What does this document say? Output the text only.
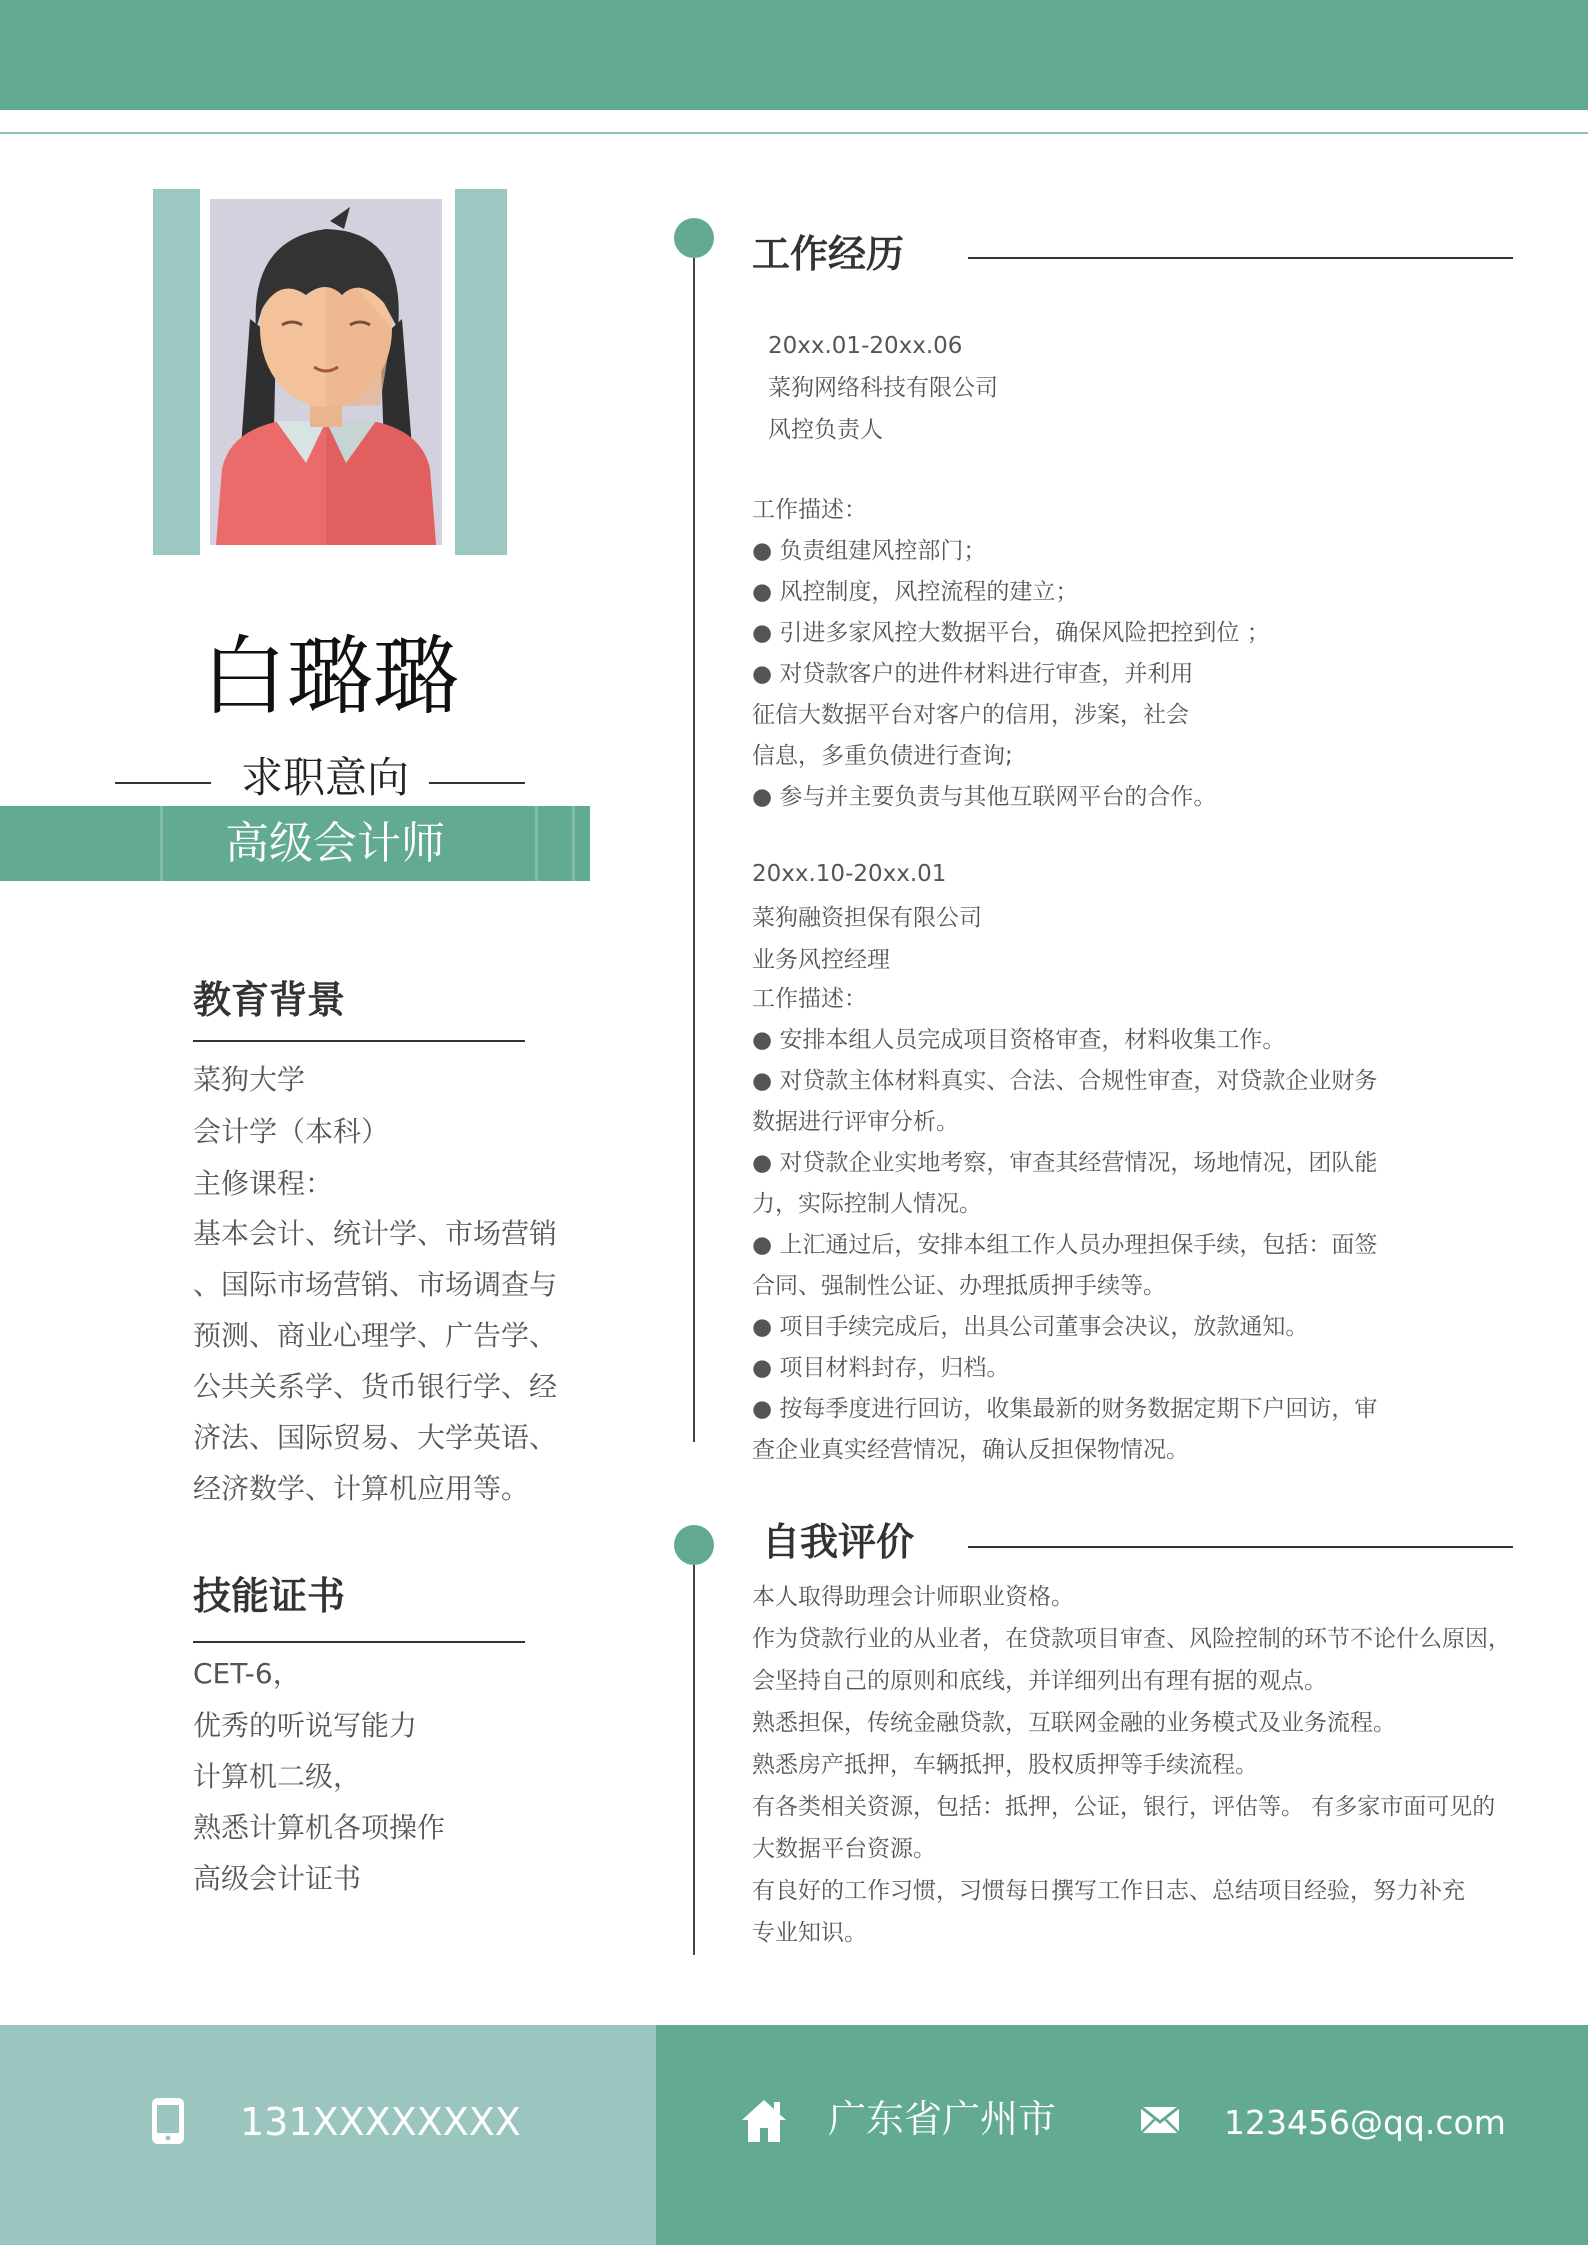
白璐璐
求职意向
高级会计师
教育背景
菜狗大学
会计学（本科）
主修课程：
基本会计、统计学、市场营销
、国际市场营销、市场调查与
预测、商业心理学、广告学、
公共关系学、货币银行学、经
济法、国际贸易、大学英语、
经济数学、计算机应用等。
技能证书
CET-6，
优秀的听说写能力
计算机二级，
熟悉计算机各项操作
高级会计证书
工作经历
20xx.01-20xx.06
菜狗网络科技有限公司
风控负责人
工作描述：
● 负责组建风控部门；
● 风控制度，风控流程的建立；
● 引进多家风控大数据平台，确保风险把控到位 ；
● 对贷款客户的进件材料进行审查，并利用
征信大数据平台对客户的信用，涉案，社会
信息，多重负债进行查询;
● 参与并主要负责与其他互联网平台的合作。
20xx.10-20xx.01
菜狗融资担保有限公司
业务风控经理
工作描述：
● 安排本组人员完成项目资格审查，材料收集工作。
● 对贷款主体材料真实、合法、合规性审查，对贷款企业财务
数据进行评审分析。
● 对贷款企业实地考察，审查其经营情况，场地情况，团队能
力，实际控制人情况。
● 上汇通过后，安排本组工作人员办理担保手续，包括：面签
合同、强制性公证、办理抵质押手续等。
● 项目手续完成后，出具公司董事会决议，放款通知。
● 项目材料封存，归档。
● 按每季度进行回访，收集最新的财务数据定期下户回访，审
查企业真实经营情况，确认反担保物情况。
自我评价
本人取得助理会计师职业资格。
作为贷款行业的从业者，在贷款项目审查、风险控制的环节不论什么原因，
会坚持自己的原则和底线，并详细列出有理有据的观点。
熟悉担保，传统金融贷款，互联网金融的业务模式及业务流程。
熟悉房产抵押，车辆抵押，股权质押等手续流程。
有各类相关资源，包括：抵押，公证，银行，评估等。 有多家市面可见的
大数据平台资源。
有良好的工作习惯，习惯每日撰写工作日志、总结项目经验，努力补充
专业知识。
131XXXXXXXX	广东省广州市	123456@qq.com
